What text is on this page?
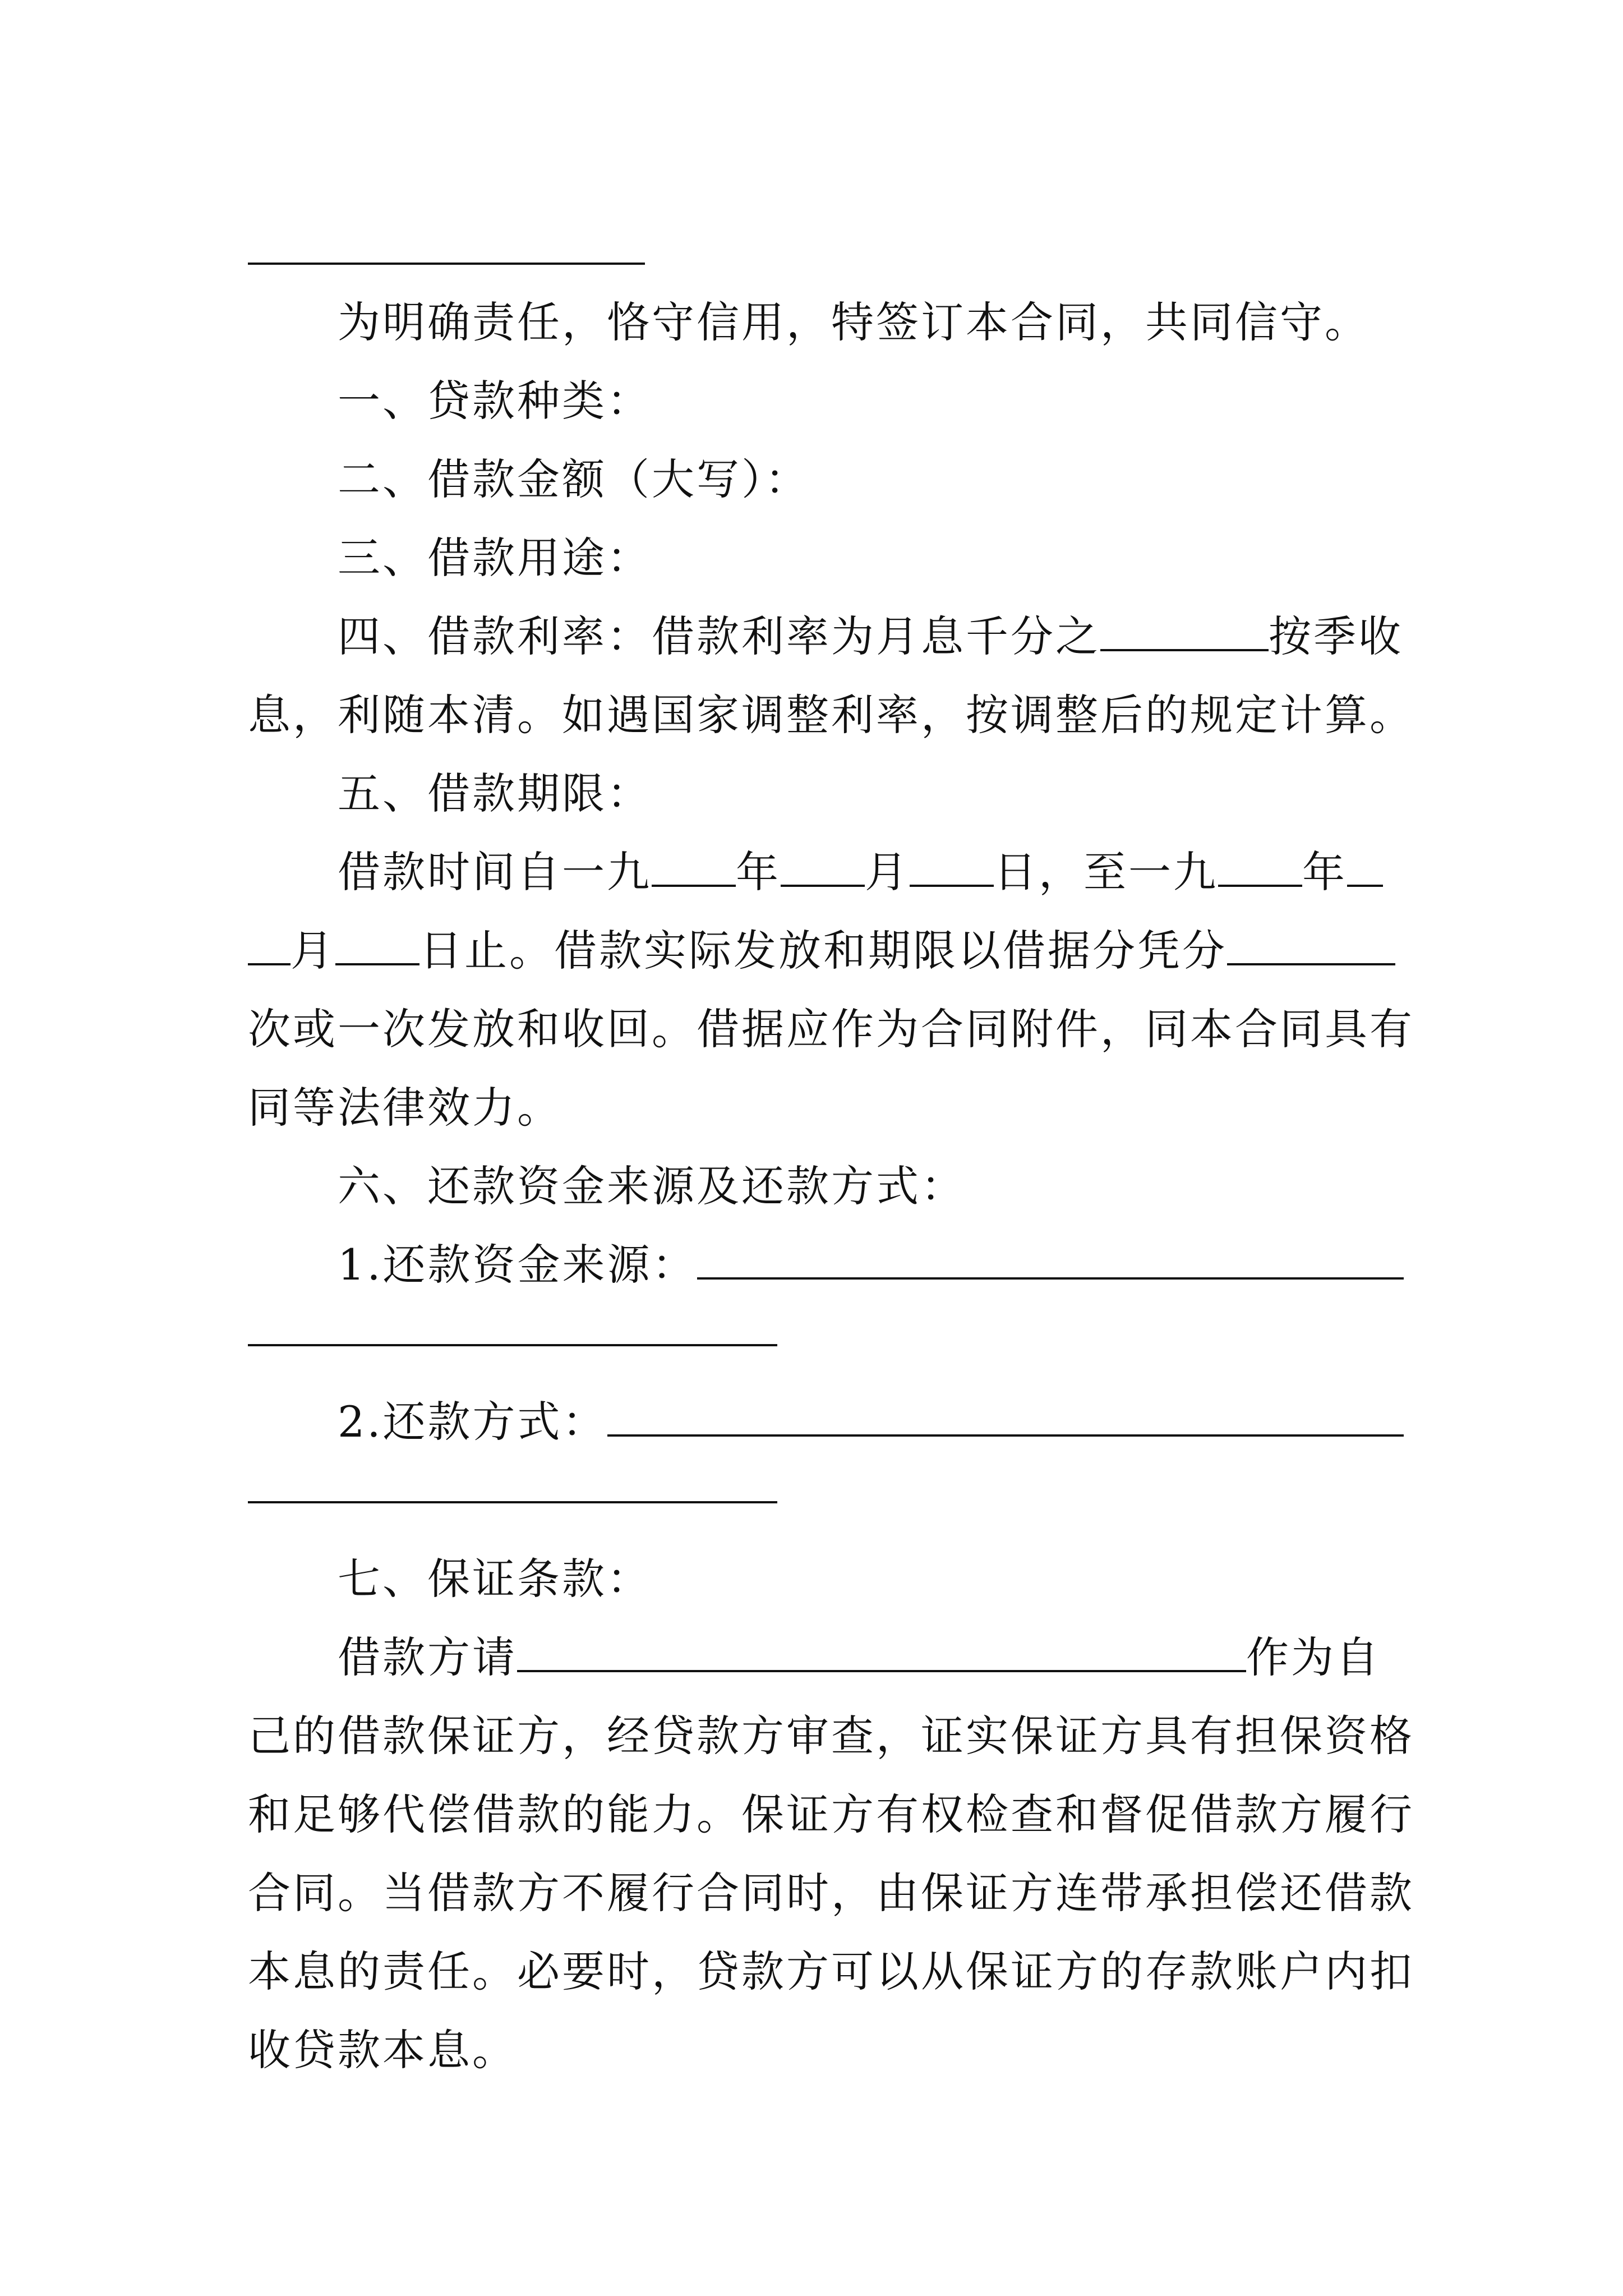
为明确责任，恪守信用，特签订本合同，共同信守。
一、贷款种类：
二、借款金额（大写）：
三、借款用途：
四、借款利率：借款利率为月息千分之	按季收
息，利随本清。如遇国家调整利率，按调整后的规定计算。
五、借款期限：
借款时间自一九 年 月 日，至一九 年
月 日止。借款实际发放和期限以借据分凭分
次或一次发放和收回。借据应作为合同附件，同本合同具有
同等法律效力。
六、还款资金来源及还款方式：
1.还款资金来源：
2.还款方式：
七、保证条款：
借款方请	作为自
己的借款保证方，经贷款方审查，证实保证方具有担保资格
和足够代偿借款的能力。保证方有权检查和督促借款方履行
合同。当借款方不履行合同时，由保证方连带承担偿还借款
本息的责任。必要时，贷款方可以从保证方的存款账户内扣
收贷款本息。
